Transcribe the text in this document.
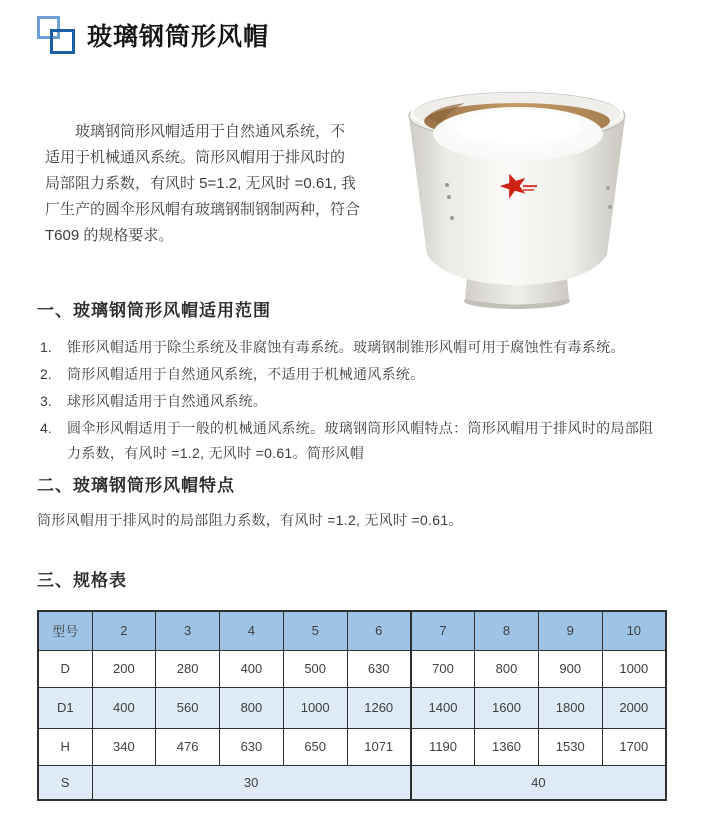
玻璃钢筒形风帽
玻璃钢筒形风帽适用于自然通风系统，不
适用于机械通风系统。筒形风帽用于排风时的
局部阻力系数，有风时 5=1.2, 无风时 =0.61, 我
厂生产的圆伞形风帽有玻璃钢制钢制两种，符合
T609 的规格要求。
一、玻璃钢筒形风帽适用范围
1.	锥形风帽适用于除尘系统及非腐蚀有毒系统。玻璃钢制锥形风帽可用于腐蚀性有毒系统。
2.	筒形风帽适用于自然通风系统，不适用于机械通风系统。
3.	球形风帽适用于自然通风系统。
4.	圆伞形风帽适用于一般的机械通风系统。玻璃钢筒形风帽特点：筒形风帽用于排风时的局部阻力系数，有风时 =1.2, 无风时 =0.61。简形风帽
二、玻璃钢筒形风帽特点

筒形风帽用于排风时的局部阻力系数，有风时 =1.2, 无风时 =0.61。

三、规格表
型号	2	3	4	5	6	7	8	9	10
D	200	280	400	500	630	700	800	900	1000
D1	400	560	800	1000	1260	1400	1600	1800	2000
H	340	476	630	650	1071	1190	1360	1530	1700
S	30					40			
